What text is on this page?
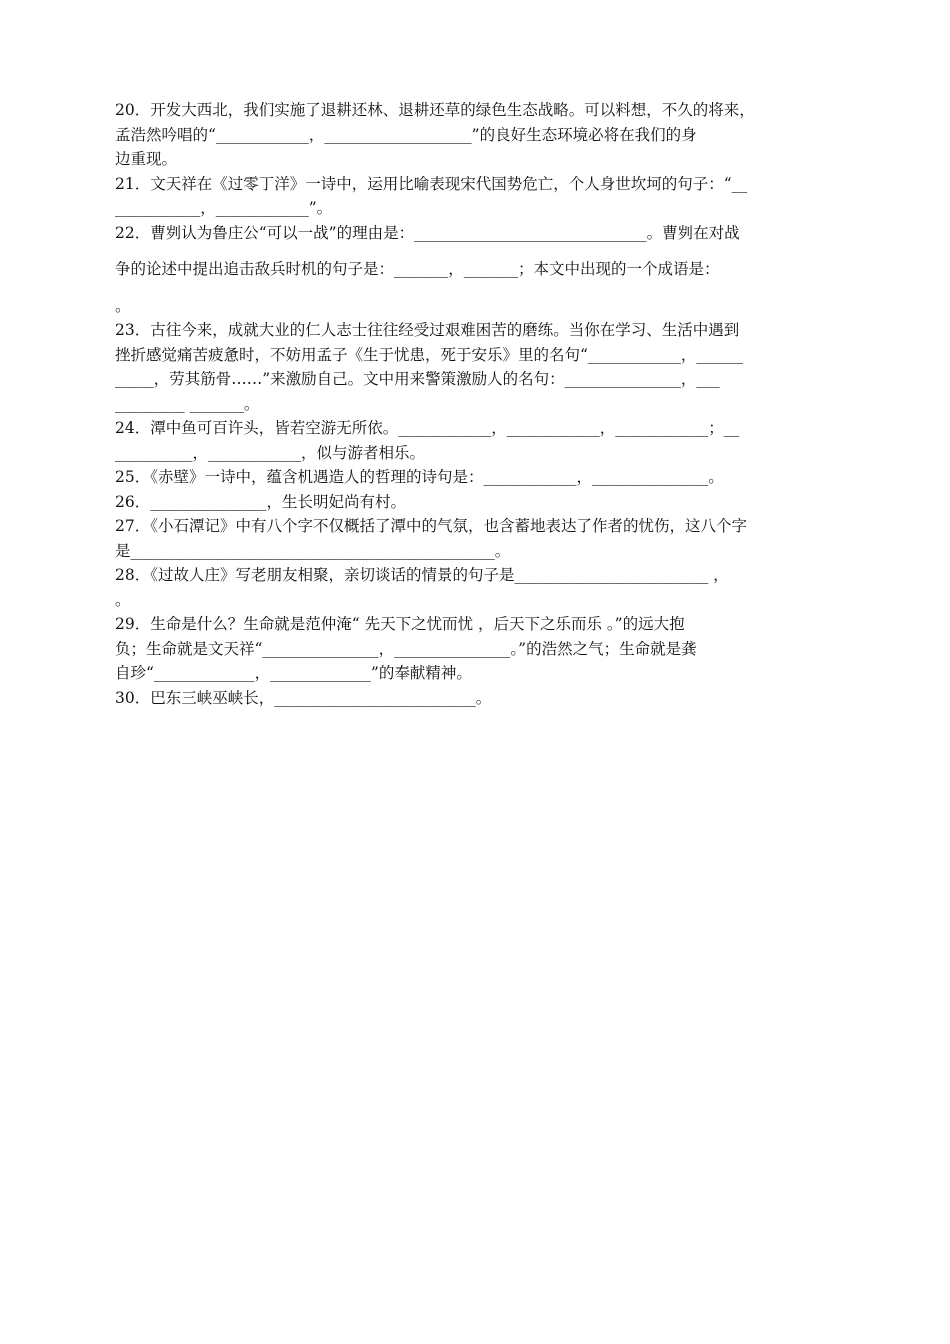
20．开发大西北，我们实施了退耕还林、退耕还草的绿色生态战略。可以料想，不久的将来，
孟浩然吟唱的“____________，___________________”的良好生态环境必将在我们的身
边重现。
21．文天祥在《过零丁洋》一诗中，运用比喻表现宋代国势危亡，个人身世坎坷的句子：“__
___________，____________”。
22．曹刿认为鲁庄公“可以一战”的理由是：______________________________。曹刿在对战
争的论述中提出追击敌兵时机的句子是：_______，_______；本文中出现的一个成语是：
。
23．古往今来，成就大业的仁人志士往往经受过艰难困苦的磨练。当你在学习、生活中遇到
挫折感觉痛苦疲惫时，不妨用孟子《生于忧患，死于安乐》里的名句“____________，______
_____，劳其筋骨……”来激励自己。文中用来警策激励人的名句：_______________，___
_________ _______。
24．潭中鱼可百许头，皆若空游无所依。____________，____________，____________；__
__________，____________，似与游者相乐。
25．《赤壁》一诗中，蕴含机遇造人的哲理的诗句是：____________，_______________。
26．_______________，生长明妃尚有村。
27．《小石潭记》中有八个字不仅概括了潭中的气氛，也含蓄地表达了作者的忧伤，这八个字
是_______________________________________________。
28．《过故人庄》写老朋友相聚，亲切谈话的情景的句子是_________________________ ，
。
29．生命是什么？生命就是范仲淹“ 先天下之忧而忧 ，后天下之乐而乐 。”的远大抱
负；生命就是文天祥“_______________，_______________。”的浩然之气；生命就是龚
自珍“_____________，_____________”的奉献精神。
30．巴东三峡巫峡长，__________________________。
